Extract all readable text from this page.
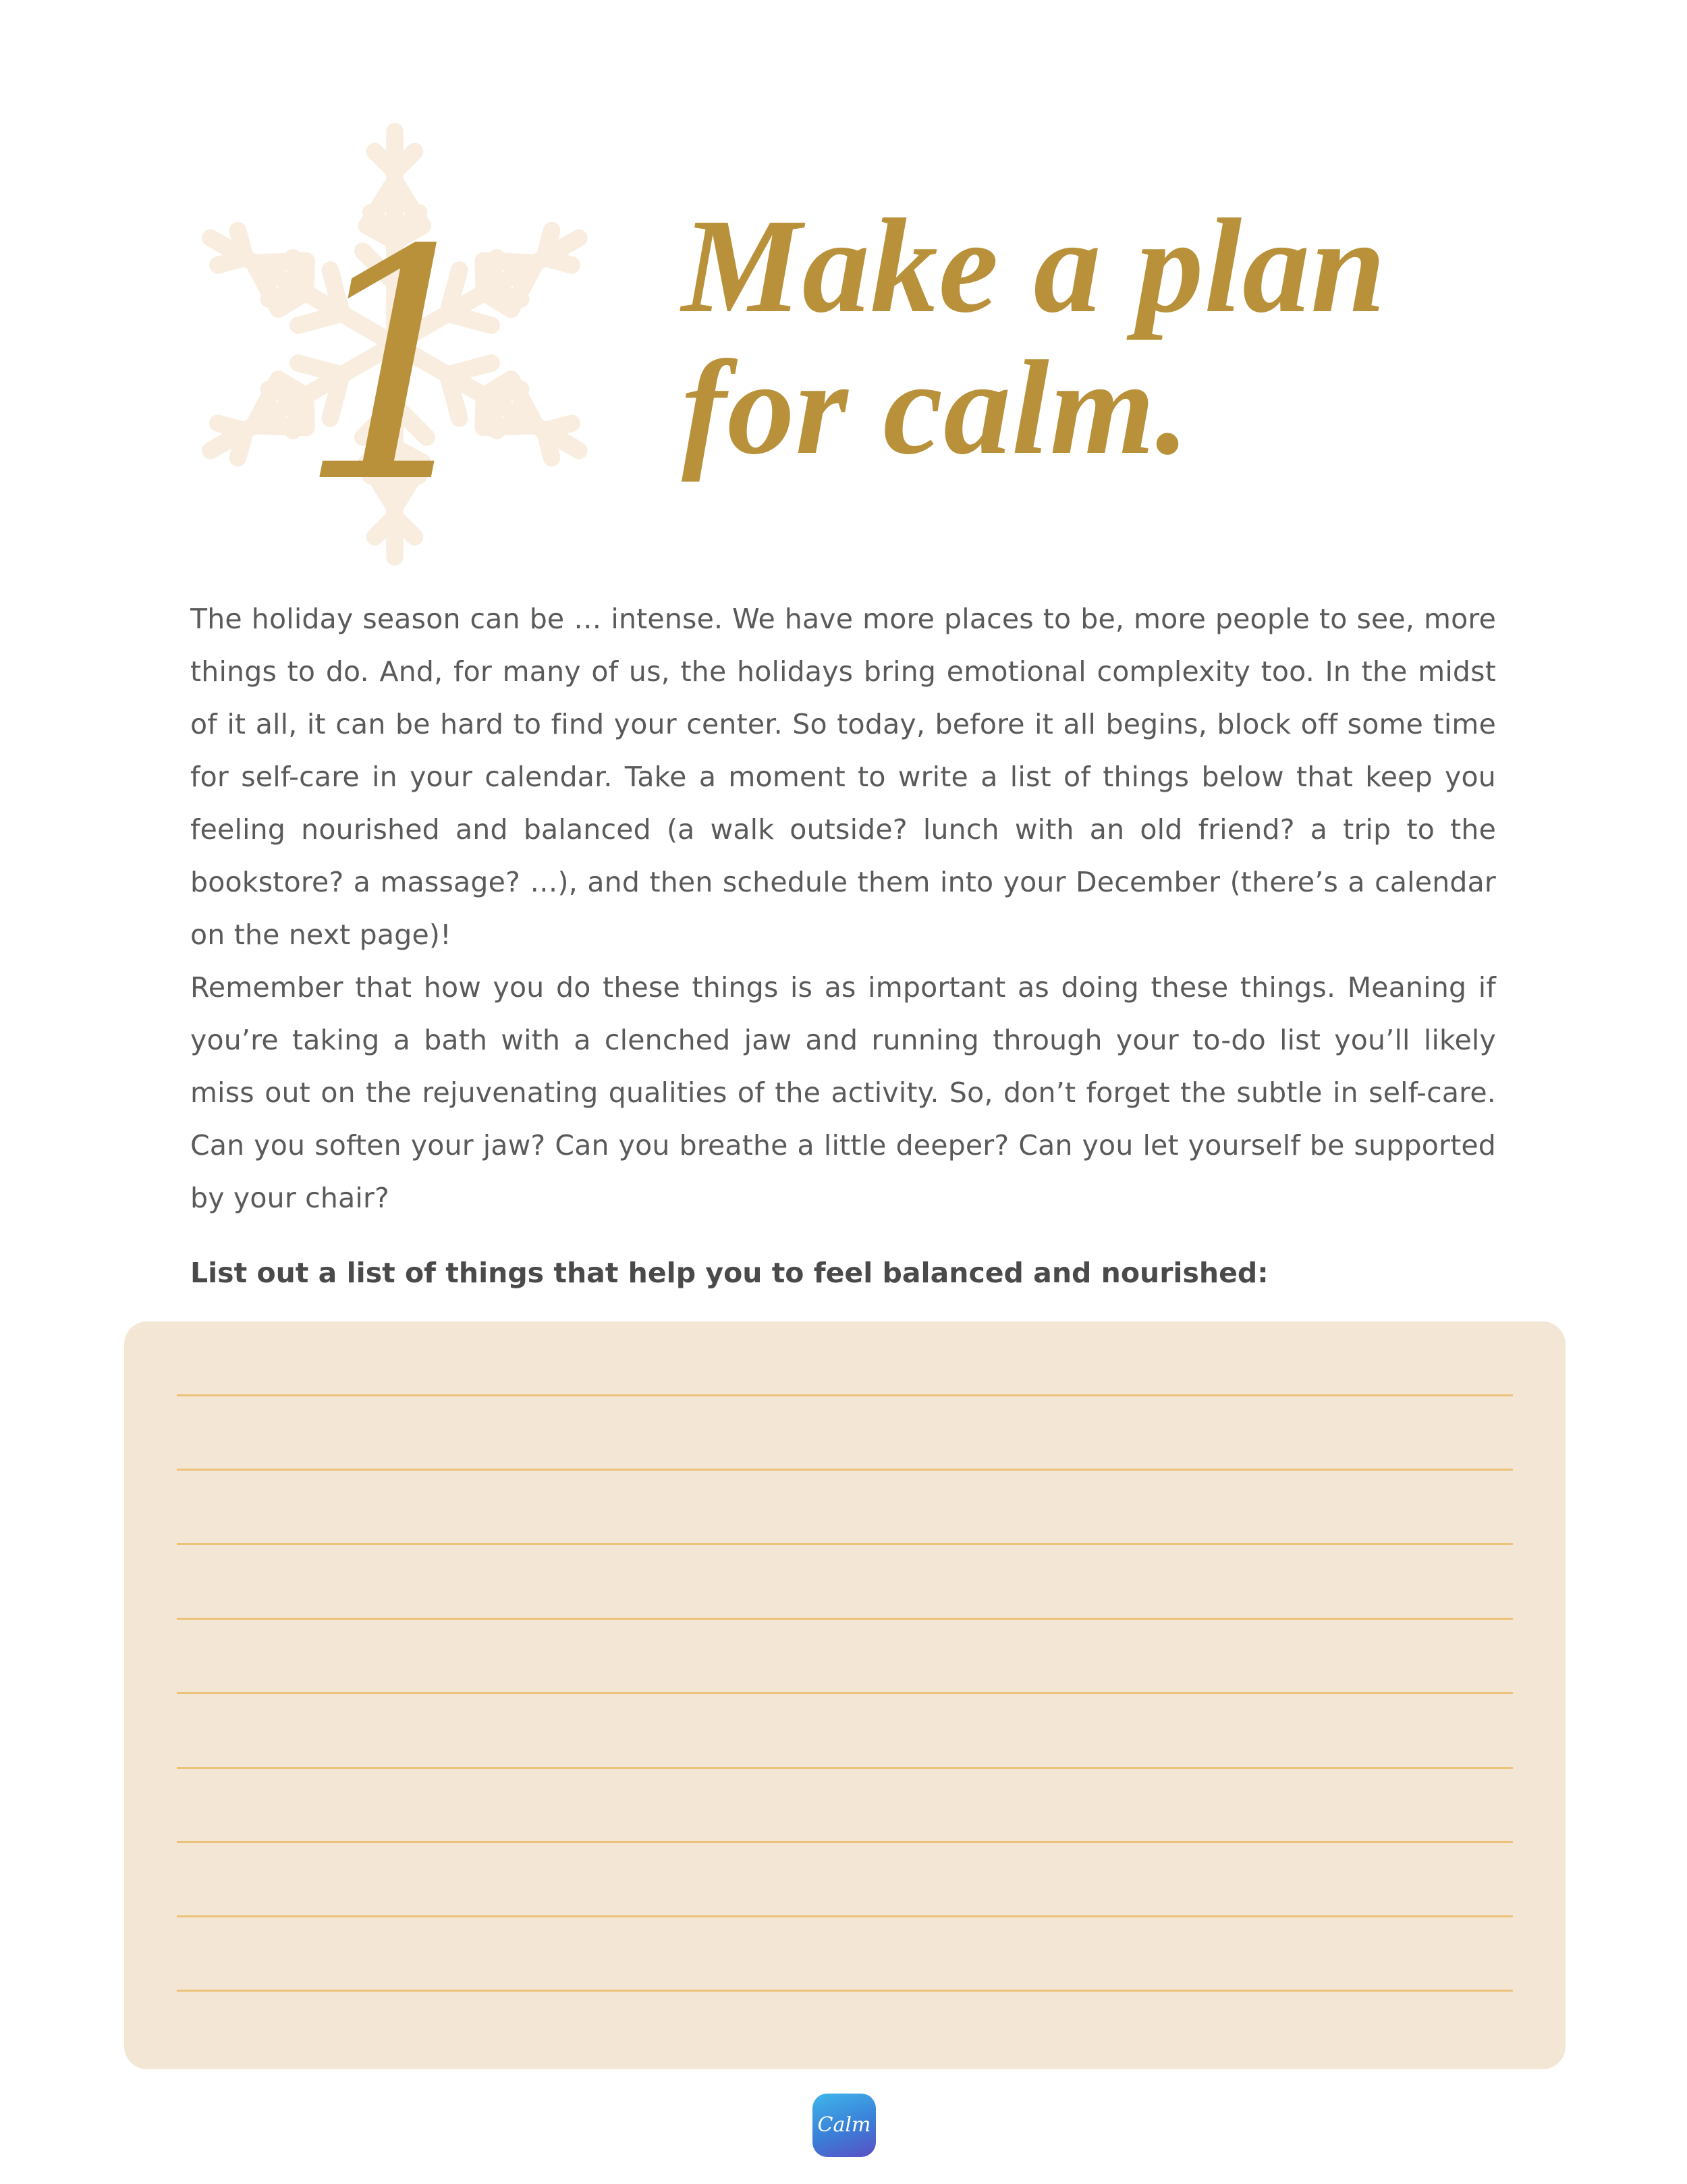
1 Make a plan
for calm.

The holiday season can be … intense. We have more places to be, more people to see, more things to do. And, for many of us, the holidays bring emotional complexity too. In the midst of it all, it can be hard to find your center. So today, before it all begins, block off some time for self-care in your calendar. Take a moment to write a list of things below that keep you feeling nourished and balanced (a walk outside? lunch with an old friend? a trip to the bookstore? a massage? …), and then schedule them into your December (there’s a calendar on the next page)!

Remember that how you do these things is as important as doing these things. Meaning if you’re taking a bath with a clenched jaw and running through your to-do list you’ll likely miss out on the rejuvenating qualities of the activity. So, don’t forget the subtle in self-care. Can you soften your jaw? Can you breathe a little deeper? Can you let yourself be supported by your chair?

List out a list of things that help you to feel balanced and nourished:

Calm
